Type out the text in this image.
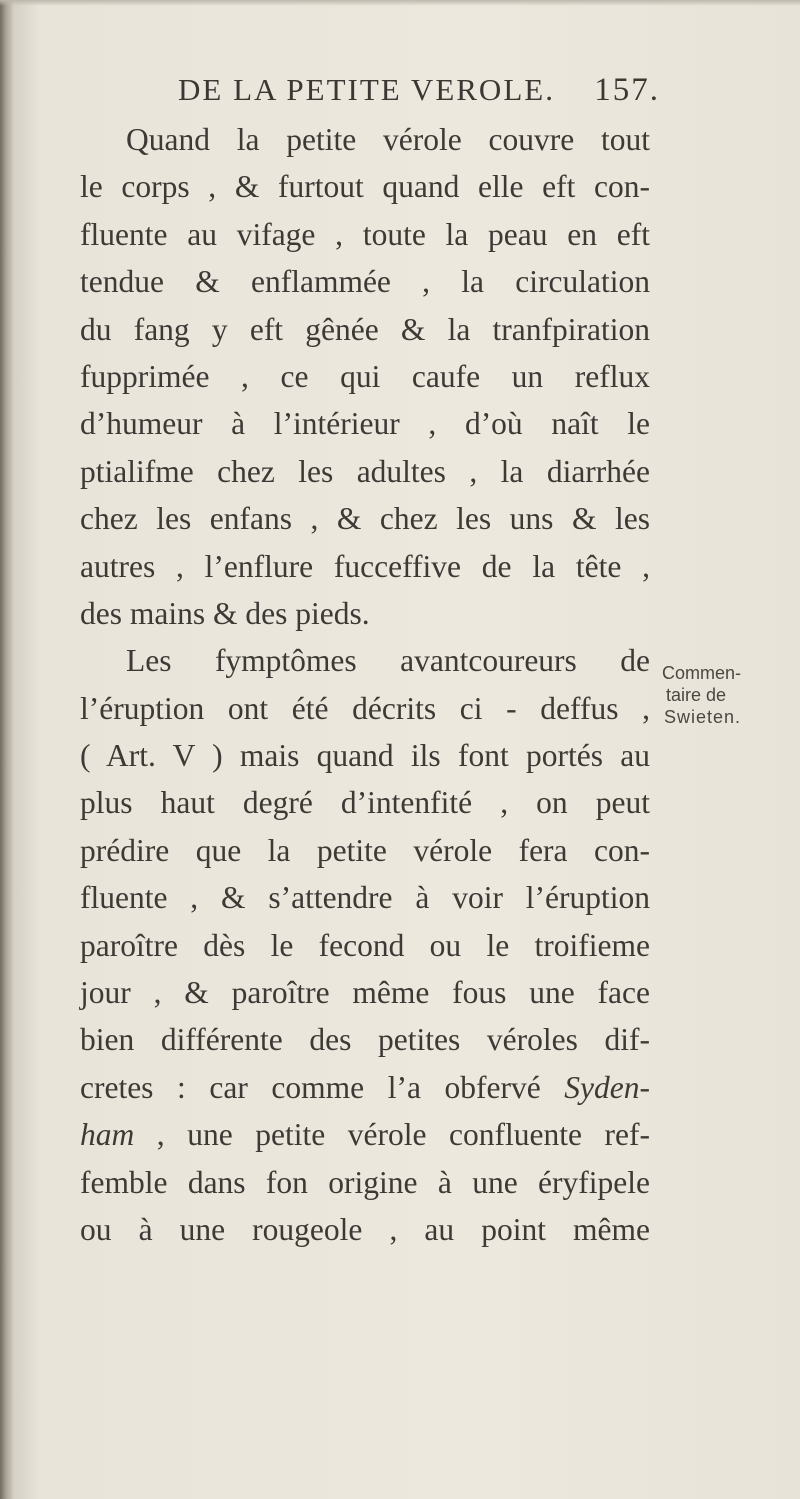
DE LA PETITE VEROLE. 157.
Quand la petite vérole couvre tout
le corps , & furtout quand elle eft con-
fluente au vifage , toute la peau en eft
tendue & enflammée , la circulation
du fang y eft gênée & la tranfpiration
fupprimée , ce qui caufe un reflux
d’humeur à l’intérieur , d’où naît le
ptialifme chez les adultes , la diarrhée
chez les enfans , & chez les uns & les
autres , l’enflure fucceffive de la tête ,
des mains & des pieds.
Les fymptômes avantcoureurs de
l’éruption ont été décrits ci - deffus ,
( Art. V ) mais quand ils font portés au
plus haut degré d’intenfité , on peut
prédire que la petite vérole fera con-
fluente , & s’attendre à voir l’éruption
paroître dès le fecond ou le troifieme
jour , & paroître même fous une face
bien différente des petites véroles dif-
cretes : car comme l’a obfervé Syden-
ham , une petite vérole confluente ref-
femble dans fon origine à une éryfipele
ou à une rougeole , au point même
Commen-
taire de
Swieten.
